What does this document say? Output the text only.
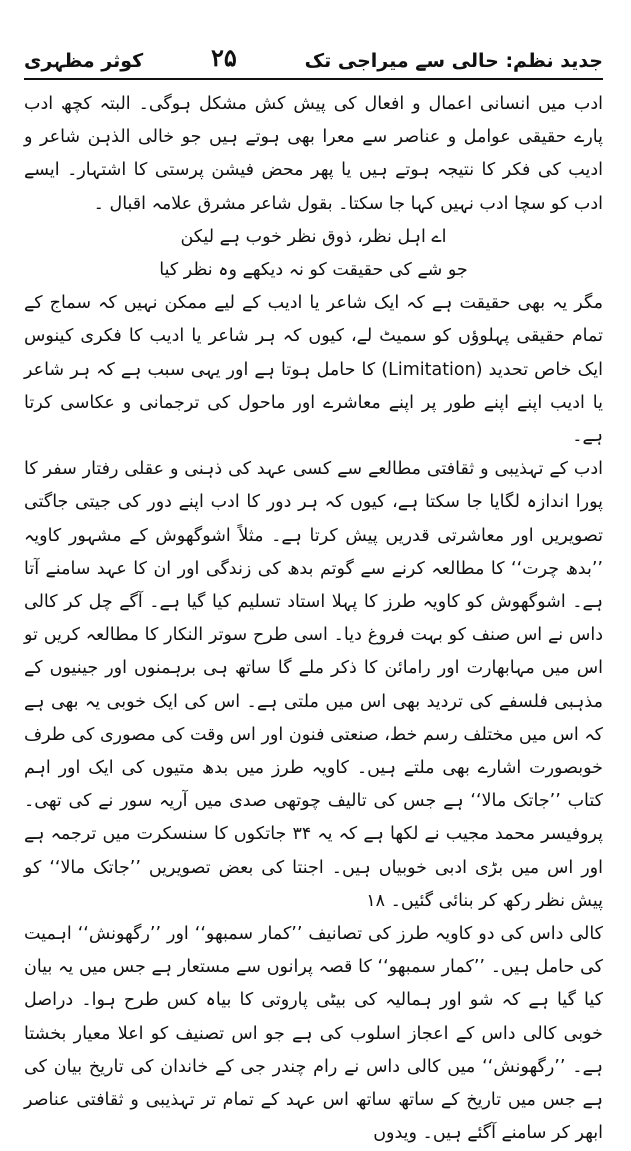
جدید نظم: حالی سے میراجی تک
۲۵
کوثر مظہری

ادب میں انسانی اعمال و افعال کی پیش کش مشکل ہوگی۔ البتہ کچھ ادب پارے حقیقی عوامل و عناصر سے معرا بھی ہوتے ہیں جو خالی الذہن شاعر و ادیب کی فکر کا نتیجہ ہوتے ہیں یا پھر محض فیشن پرستی کا اشتہار۔ ایسے ادب کو سچا ادب نہیں کہا جا سکتا۔ بقول شاعر مشرق علامہ اقبال ۔

اے اہل نظر، ذوق نظر خوب ہے لیکن

جو شے کی حقیقت کو نہ دیکھے وہ نظر کیا

مگر یہ بھی حقیقت ہے کہ ایک شاعر یا ادیب کے لیے ممکن نہیں کہ سماج کے تمام حقیقی پہلوؤں کو سمیٹ لے، کیوں کہ ہر شاعر یا ادیب کا فکری کینوس ایک خاص تحدید (Limitation) کا حامل ہوتا ہے اور یہی سبب ہے کہ ہر شاعر یا ادیب اپنے اپنے طور پر اپنے معاشرے اور ماحول کی ترجمانی و عکاسی کرتا ہے۔

ادب کے تہذیبی و ثقافتی مطالعے سے کسی عہد کی ذہنی و عقلی رفتار سفر کا پورا اندازہ لگایا جا سکتا ہے، کیوں کہ ہر دور کا ادب اپنے دور کی جیتی جاگتی تصویریں اور معاشرتی قدریں پیش کرتا ہے۔ مثلاً اشوگھوش کے مشہور کاویہ ’’بدھ چرت‘‘ کا مطالعہ کرنے سے گوتم بدھ کی زندگی اور ان کا عہد سامنے آتا ہے۔ اشوگھوش کو کاویہ طرز کا پہلا استاد تسلیم کیا گیا ہے۔ آگے چل کر کالی داس نے اس صنف کو بہت فروغ دیا۔ اسی طرح سوتر النکار کا مطالعہ کریں تو اس میں مہابھارت اور رامائن کا ذکر ملے گا ساتھ ہی برہمنوں اور جینیوں کے مذہبی فلسفے کی تردید بھی اس میں ملتی ہے۔ اس کی ایک خوبی یہ بھی ہے کہ اس میں مختلف رسم خط، صنعتی فنون اور اس وقت کی مصوری کی طرف خوبصورت اشارے بھی ملتے ہیں۔ کاویہ طرز میں بدھ متیوں کی ایک اور اہم کتاب ’’جاتک مالا‘‘ ہے جس کی تالیف چوتھی صدی میں آریہ سور نے کی تھی۔ پروفیسر محمد مجیب نے لکھا ہے کہ یہ ۳۴ جاتکوں کا سنسکرت میں ترجمہ ہے اور اس میں بڑی ادبی خوبیاں ہیں۔ اجنتا کی بعض تصویریں ’’جاتک مالا‘‘ کو پیش نظر رکھ کر بنائی گئیں۔ ۱۸

کالی داس کی دو کاویہ طرز کی تصانیف ’’کمار سمبھو‘‘ اور ’’رگھونش‘‘ اہمیت کی حامل ہیں۔ ’’کمار سمبھو‘‘ کا قصہ پرانوں سے مستعار ہے جس میں یہ بیان کیا گیا ہے کہ شو اور ہمالیہ کی بیٹی پاروتی کا بیاہ کس طرح ہوا۔ دراصل خوبی کالی داس کے اعجاز اسلوب کی ہے جو اس تصنیف کو اعلا معیار بخشتا ہے۔ ’’رگھونش‘‘ میں کالی داس نے رام چندر جی کے خاندان کی تاریخ بیان کی ہے جس میں تاریخ کے ساتھ ساتھ اس عہد کے تمام تر تہذیبی و ثقافتی عناصر ابھر کر سامنے آگئے ہیں۔ ویدوں
